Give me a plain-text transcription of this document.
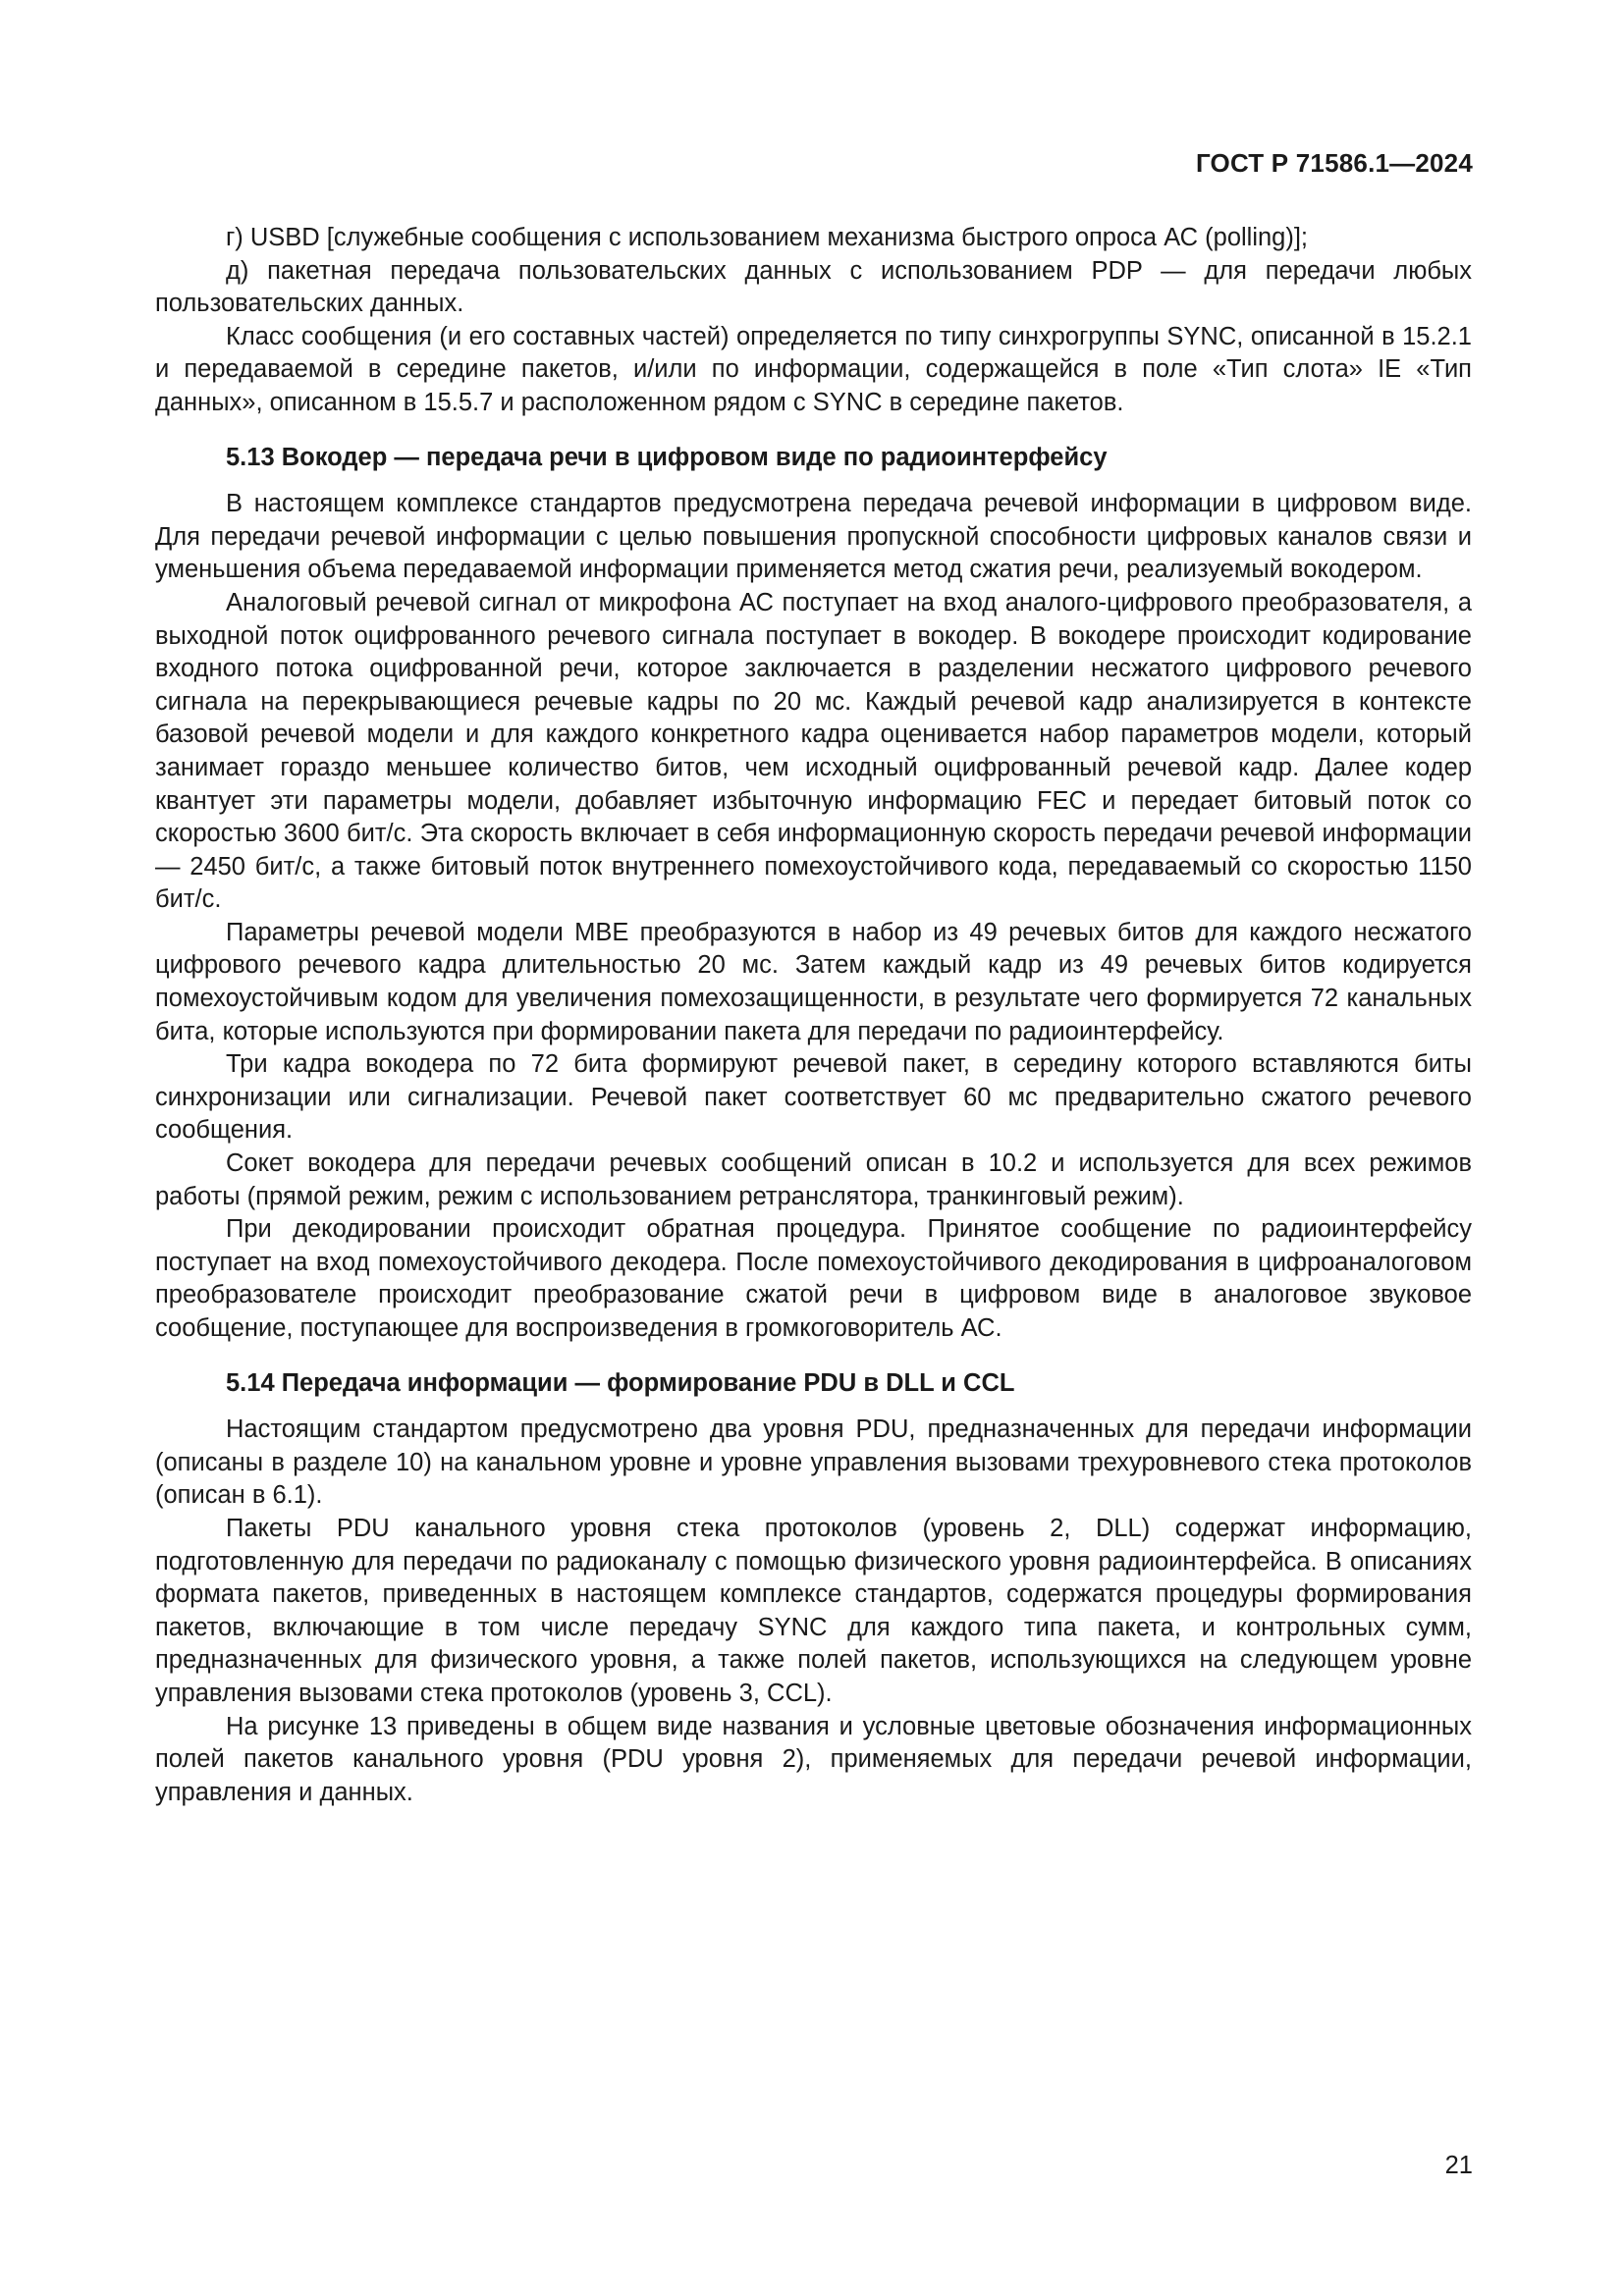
ГОСТ Р 71586.1—2024

г) USBD [служебные сообщения с использованием механизма быстрого опроса АС (polling)];

д) пакетная передача пользовательских данных с использованием PDP — для передачи любых пользовательских данных.

Класс сообщения (и его составных частей) определяется по типу синхрогруппы SYNC, описанной в 15.2.1 и передаваемой в середине пакетов, и/или по информации, содержащейся в поле «Тип слота» IE «Тип данных», описанном в 15.5.7 и расположенном рядом с SYNC в середине пакетов.

5.13 Вокодер — передача речи в цифровом виде по радиоинтерфейсу

В настоящем комплексе стандартов предусмотрена передача речевой информации в цифровом виде. Для передачи речевой информации с целью повышения пропускной способности цифровых каналов связи и уменьшения объема передаваемой информации применяется метод сжатия речи, реализуемый вокодером.

Аналоговый речевой сигнал от микрофона АС поступает на вход аналого-цифрового преобразователя, а выходной поток оцифрованного речевого сигнала поступает в вокодер. В вокодере происходит кодирование входного потока оцифрованной речи, которое заключается в разделении несжатого цифрового речевого сигнала на перекрывающиеся речевые кадры по 20 мс. Каждый речевой кадр анализируется в контексте базовой речевой модели и для каждого конкретного кадра оценивается набор параметров модели, который занимает гораздо меньшее количество битов, чем исходный оцифрованный речевой кадр. Далее кодер квантует эти параметры модели, добавляет избыточную информацию FEC и передает битовый поток со скоростью 3600 бит/с. Эта скорость включает в себя информационную скорость передачи речевой информации — 2450 бит/с, а также битовый поток внутреннего помехоустойчивого кода, передаваемый со скоростью 1150 бит/с.

Параметры речевой модели MBE преобразуются в набор из 49 речевых битов для каждого несжатого цифрового речевого кадра длительностью 20 мс. Затем каждый кадр из 49 речевых битов кодируется помехоустойчивым кодом для увеличения помехозащищенности, в результате чего формируется 72 канальных бита, которые используются при формировании пакета для передачи по радиоинтерфейсу.

Три кадра вокодера по 72 бита формируют речевой пакет, в середину которого вставляются биты синхронизации или сигнализации. Речевой пакет соответствует 60 мс предварительно сжатого речевого сообщения.

Сокет вокодера для передачи речевых сообщений описан в 10.2 и используется для всех режимов работы (прямой режим, режим с использованием ретранслятора, транкинговый режим).

При декодировании происходит обратная процедура. Принятое сообщение по радиоинтерфейсу поступает на вход помехоустойчивого декодера. После помехоустойчивого декодирования в цифроаналоговом преобразователе происходит преобразование сжатой речи в цифровом виде в аналоговое звуковое сообщение, поступающее для воспроизведения в громкоговоритель АС.

5.14 Передача информации — формирование PDU в DLL и CCL

Настоящим стандартом предусмотрено два уровня PDU, предназначенных для передачи информации (описаны в разделе 10) на канальном уровне и уровне управления вызовами трехуровневого стека протоколов (описан в 6.1).

Пакеты PDU канального уровня стека протоколов (уровень 2, DLL) содержат информацию, подготовленную для передачи по радиоканалу с помощью физического уровня радиоинтерфейса. В описаниях формата пакетов, приведенных в настоящем комплексе стандартов, содержатся процедуры формирования пакетов, включающие в том числе передачу SYNC для каждого типа пакета, и контрольных сумм, предназначенных для физического уровня, а также полей пакетов, использующихся на следующем уровне управления вызовами стека протоколов (уровень 3, CCL).

На рисунке 13 приведены в общем виде названия и условные цветовые обозначения информационных полей пакетов канального уровня (PDU уровня 2), применяемых для передачи речевой информации, управления и данных.

21
